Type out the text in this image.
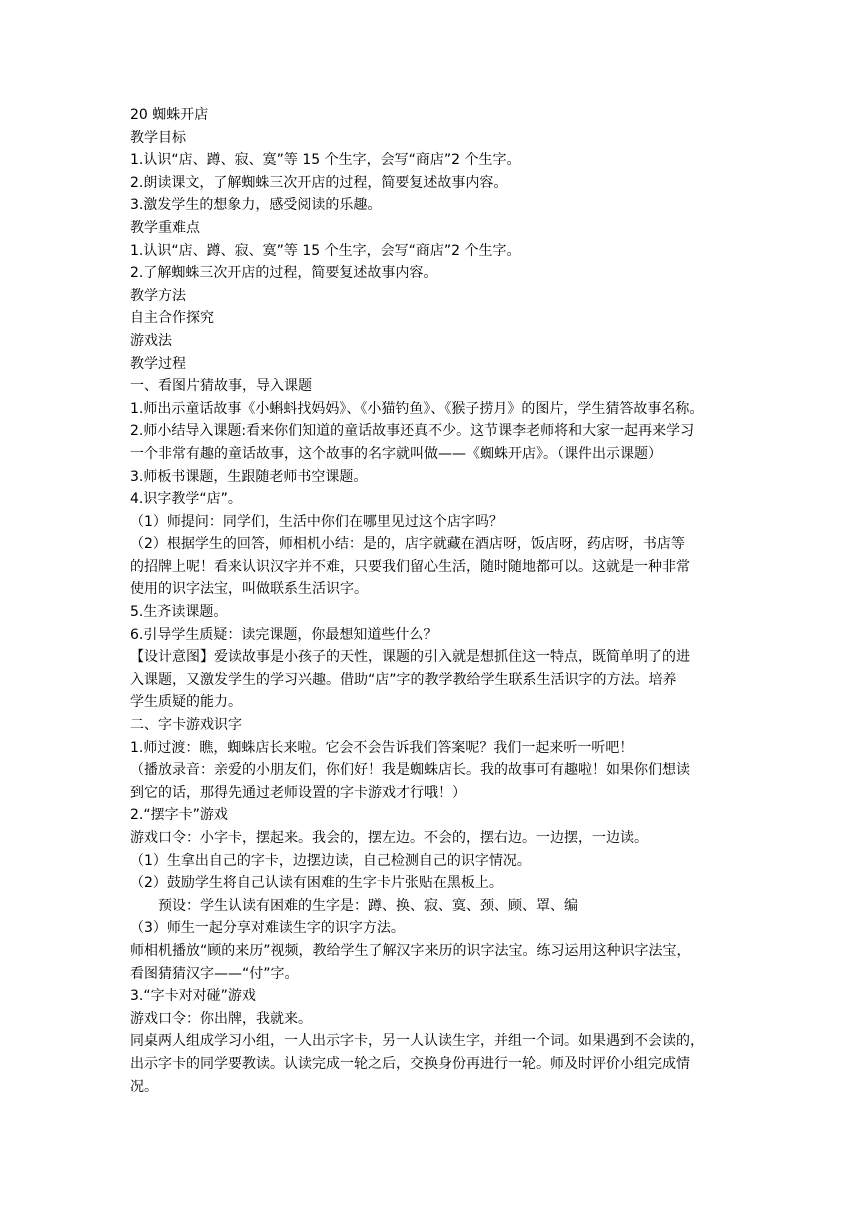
20 蜘蛛开店
教学目标
1.认识“店、蹲、寂、寞”等 15 个生字，会写“商店”2 个生字。
2.朗读课文，了解蜘蛛三次开店的过程，简要复述故事内容。
3.激发学生的想象力，感受阅读的乐趣。
教学重难点
1.认识“店、蹲、寂、寞”等 15 个生字，会写“商店”2 个生字。
2.了解蜘蛛三次开店的过程，简要复述故事内容。
教学方法
自主合作探究
游戏法
教学过程
一、看图片猜故事，导入课题
1.师出示童话故事《小蝌蚪找妈妈》、《小猫钓鱼》、《猴子捞月》的图片，学生猜答故事名称。
2.师小结导入课题:看来你们知道的童话故事还真不少。这节课李老师将和大家一起再来学习
一个非常有趣的童话故事，这个故事的名字就叫做——《蜘蛛开店》。（课件出示课题）
3.师板书课题，生跟随老师书空课题。
4.识字教学“店”。
（1）师提问：同学们，生活中你们在哪里见过这个店字吗？
（2）根据学生的回答，师相机小结：是的，店字就藏在酒店呀，饭店呀，药店呀，书店等
的招牌上呢！看来认识汉字并不难，只要我们留心生活，随时随地都可以。这就是一种非常
使用的识字法宝，叫做联系生活识字。
5.生齐读课题。
6.引导学生质疑：读完课题，你最想知道些什么？
【设计意图】爱读故事是小孩子的天性，课题的引入就是想抓住这一特点，既简单明了的进
入课题，又激发学生的学习兴趣。借助“店”字的教学教给学生联系生活识字的方法。培养
学生质疑的能力。
二、字卡游戏识字
1.师过渡：瞧，蜘蛛店长来啦。它会不会告诉我们答案呢？我们一起来听一听吧！
（播放录音：亲爱的小朋友们，你们好！我是蜘蛛店长。我的故事可有趣啦！如果你们想读
到它的话，那得先通过老师设置的字卡游戏才行哦！）
2.“摆字卡”游戏
游戏口令：小字卡，摆起来。我会的，摆左边。不会的，摆右边。一边摆，一边读。
（1）生拿出自己的字卡，边摆边读，自己检测自己的识字情况。
（2）鼓励学生将自己认读有困难的生字卡片张贴在黑板上。
预设：学生认读有困难的生字是：蹲、换、寂、寞、颈、顾、罩、编
（3）师生一起分享对难读生字的识字方法。
师相机播放“顾的来历”视频，教给学生了解汉字来历的识字法宝。练习运用这种识字法宝，
看图猜猜汉字——“付”字。
3.“字卡对对碰”游戏
游戏口令：你出牌，我就来。
同桌两人组成学习小组，一人出示字卡，另一人认读生字，并组一个词。如果遇到不会读的，
出示字卡的同学要教读。认读完成一轮之后，交换身份再进行一轮。师及时评价小组完成情
况。
